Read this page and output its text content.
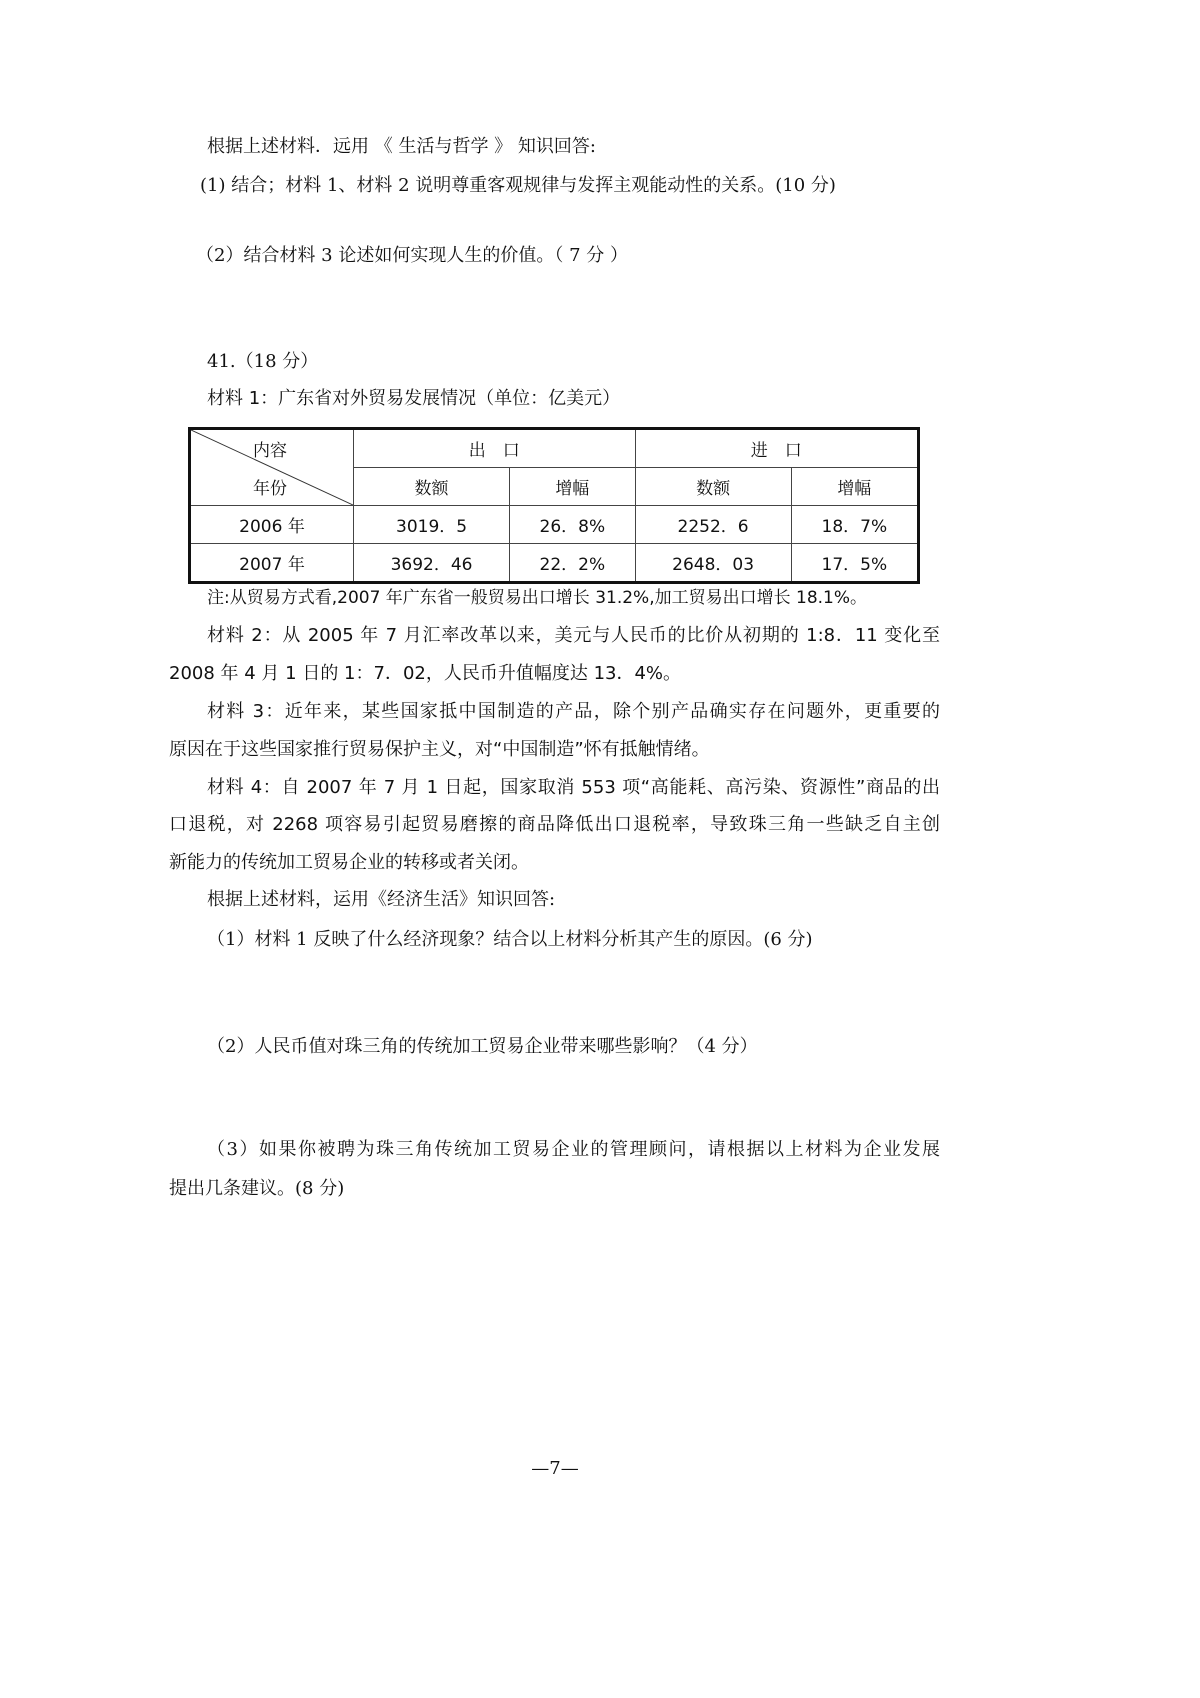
根据上述材料．远用 《 生活与哲学 》 知识回答:
(1) 结合；材料 1、材料 2 说明尊重客观规律与发挥主观能动性的关系。(10 分)
（2）结合材料 3 论述如何实现人生的价值。（ 7 分 ）
41.（18 分）
材料 1：广东省对外贸易发展情况（单位：亿美元）
内容
年份	出　口		进　口	
	数额	增幅	数额	增幅
2006 年	3019．5	26．8%	2252．6	18．7%
2007 年	3692．46	22．2%	2648．03	17．5%
注:从贸易方式看,2007 年广东省一般贸易出口增长 31.2%,加工贸易出口增长 18.1%。
材料 2：从 2005 年 7 月汇率改革以来，美元与人民币的比价从初期的 1:8．11 变化至
2008 年 4 月 1 日的 1：7．02，人民币升值幅度达 13．4%。
材料 3：近年来，某些国家抵中国制造的产品，除个别产品确实存在问题外，更重要的
原因在于这些国家推行贸易保护主义，对“中国制造”怀有抵触情绪。
材料 4：自 2007 年 7 月 1 日起，国家取消 553 项“高能耗、高污染、资源性”商品的出
口退税，对 2268 项容易引起贸易磨擦的商品降低出口退税率，导致珠三角一些缺乏自主创
新能力的传统加工贸易企业的转移或者关闭。
根据上述材料，运用《经济生活》知识回答:
（1）材料 1 反映了什么经济现象？结合以上材料分析其产生的原因。(6 分)
（2）人民币值对珠三角的传统加工贸易企业带来哪些影响？（4 分）
（3）如果你被聘为珠三角传统加工贸易企业的管理顾问，请根据以上材料为企业发展
提出几条建议。(8 分)
—7—
